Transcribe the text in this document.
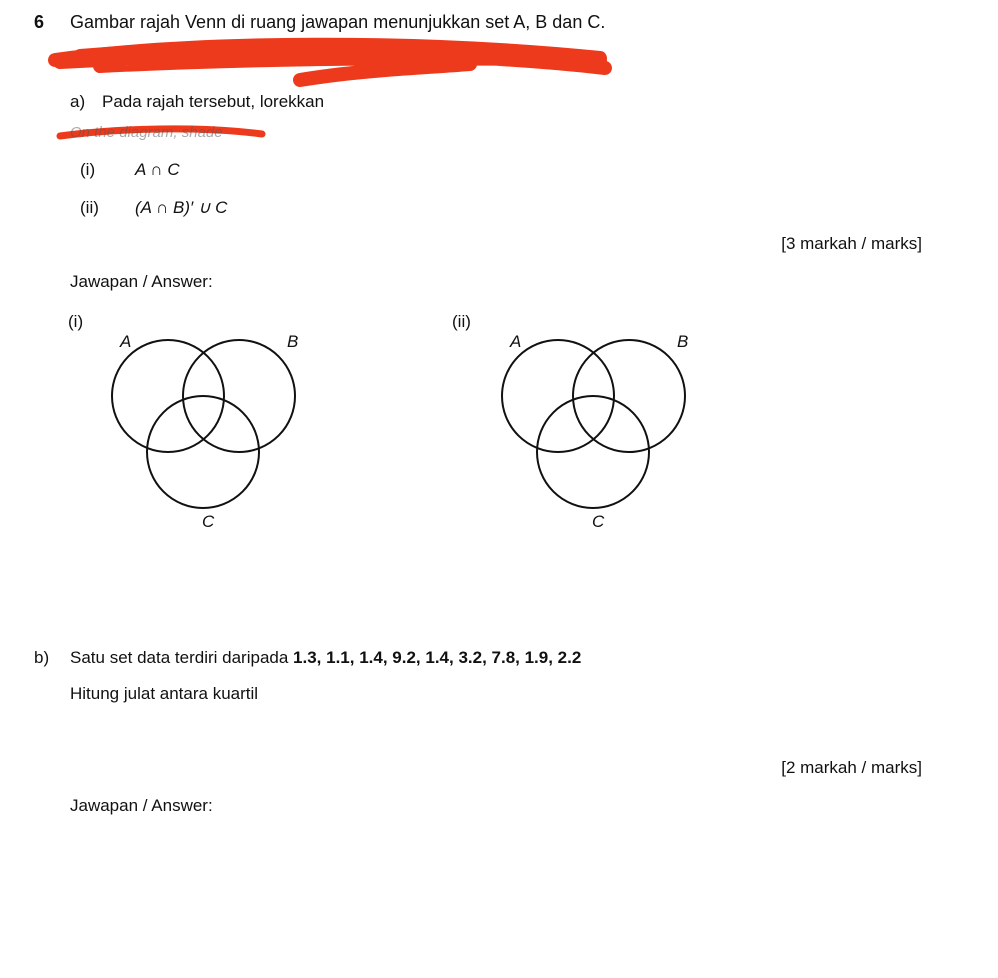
6 Gambar rajah Venn di ruang jawapan menunjukkan set A, B dan C.
The Venn diagram ... space ... the
a) Pada rajah tersebut, lorekkan
On the diagram, shade
(i) A ∩ C
(ii) (A ∩ B)′ ∪ C
[3 markah / marks]
Jawapan / Answer:
(i)	(ii)
A	B
C
A	B
C
b) Satu set data terdiri daripada 1.3, 1.1, 1.4, 9.2, 1.4, 3.2, 7.8, 1.9, 2.2
Hitung julat antara kuartil
[2 markah / marks]
Jawapan / Answer:
